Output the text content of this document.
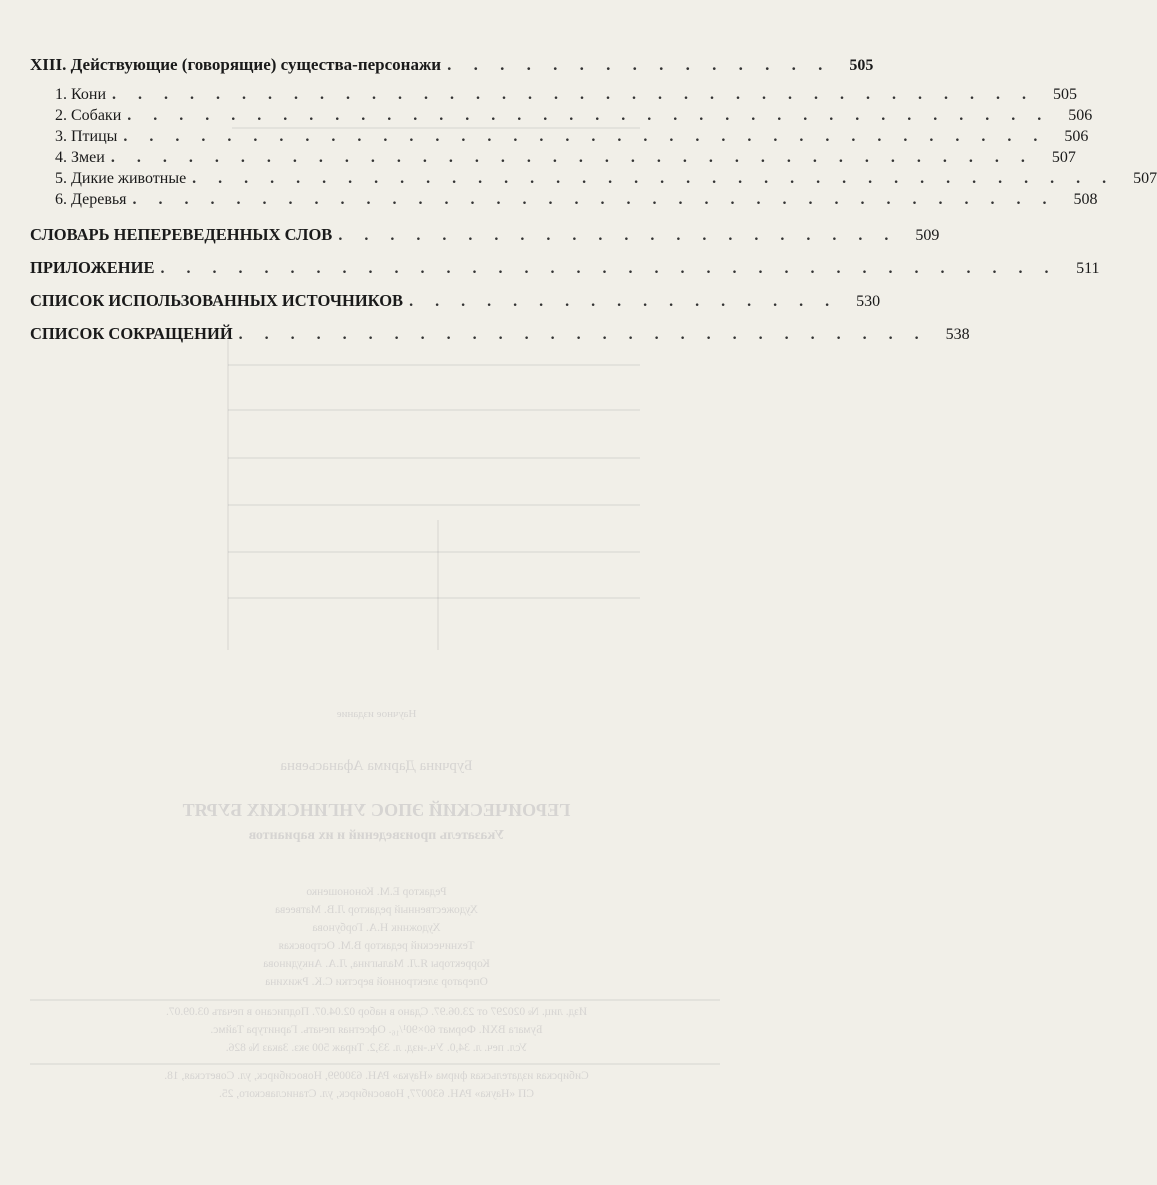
XIII. Действующие (говорящие) существа-персонажи . . . . . . . . . . . . . . .	505
1. Кони . . . . . . . . . . . . . . . . . . . . . . . . . . . . . . . . . . . .	505
2. Собаки . . . . . . . . . . . . . . . . . . . . . . . . . . . . . . . . . . . .	506
3. Птицы . . . . . . . . . . . . . . . . . . . . . . . . . . . . . . . . . . . .	506
4. Змеи . . . . . . . . . . . . . . . . . . . . . . . . . . . . . . . . . . . .	507
5. Дикие животные . . . . . . . . . . . . . . . . . . . . . . . . . . . . . . . . . . . .	507
6. Деревья . . . . . . . . . . . . . . . . . . . . . . . . . . . . . . . . . . . .	508
СЛОВАРЬ НЕПЕРЕВЕДЕННЫХ СЛОВ . . . . . . . . . . . . . . . . . . . . . .	509
ПРИЛОЖЕНИЕ . . . . . . . . . . . . . . . . . . . . . . . . . . . . . . . . . . .	511
СПИСОК ИСПОЛЬЗОВАННЫХ ИСТОЧНИКОВ . . . . . . . . . . . . . . . . .	530
СПИСОК СОКРАЩЕНИЙ . . . . . . . . . . . . . . . . . . . . . . . . . . .	538
Научное издание
Бурчина Дарима Афанасьевна
ГЕРОИЧЕСКИЙ ЭПОС УНГИНСКИХ БУРЯТ
Указатель произведений и их вариантов
Редактор Е.М. Кононошенко
Художественный редактор Л.В. Матвеева
Художник Н.А. Горбунова
Технический редактор В.М. Островская
Корректоры Я.Л. Малыгина, Л.А. Анкудинова
Оператор электронной верстки С.К. Ржихина
Изд. лиц. № 020297 от 23.06.97. Сдано в набор 02.04.07. Подписано в печать 03.09.07.
Бумага ВХИ. Формат 60×90¹/₁₆. Офсетная печать. Гарнитура Таймс.
Усл. печ. л. 34,0. Уч.-изд. л. 33,2. Тираж 500 экз. Заказ № 826.
Сибирская издательская фирма «Наука» РАН. 630099, Новосибирск, ул. Советская, 18.
СП «Наука» РАН. 630077, Новосибирск, ул. Станиславского, 25.
